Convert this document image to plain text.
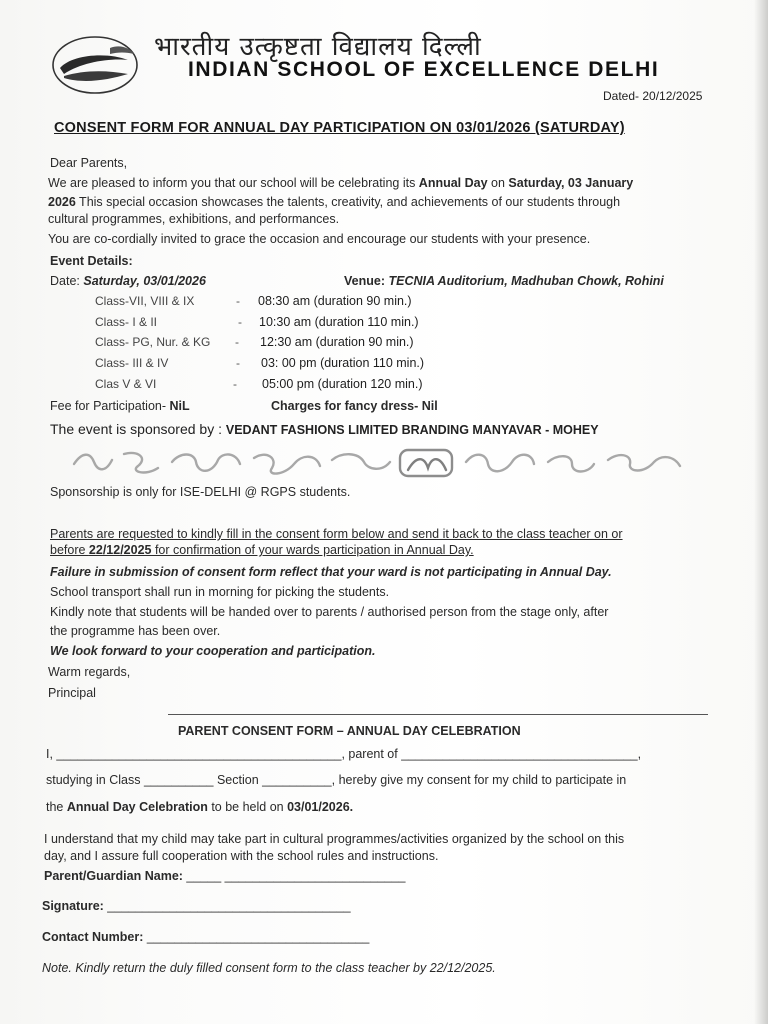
भारतीय उत्कृष्टता विद्यालय दिल्ली
INDIAN SCHOOL OF EXCELLENCE DELHI
Dated- 20/12/2025
CONSENT FORM FOR ANNUAL DAY PARTICIPATION ON 03/01/2026 (SATURDAY)
Dear Parents,
We are pleased to inform you that our school will be celebrating its Annual Day on Saturday, 03 January
2026 This special occasion showcases the talents, creativity, and achievements of our students through
cultural programmes, exhibitions, and performances.
You are co-cordially invited to grace the occasion and encourage our students with your presence.
Event Details:
Date: Saturday, 03/01/2026	Venue: TECNIA Auditorium, Madhuban Chowk, Rohini
Class-VII, VIII & IX	- 08:30 am (duration 90 min.)
Class- I & II	- 10:30 am (duration 110 min.)
Class- PG, Nur. & KG - 12:30 am (duration 90 min.)
Class- III & IV	- 03: 00 pm (duration 110 min.)
Clas V & VI	- 05:00 pm (duration 120 min.)
Fee for Participation- NiL	Charges for fancy dress- Nil
The event is sponsored by : VEDANT FASHIONS LIMITED BRANDING MANYAVAR - MOHEY
Sponsorship is only for ISE-DELHI @ RGPS students.
Parents are requested to kindly fill in the consent form below and send it back to the class teacher on or
before 22/12/2025 for confirmation of your wards participation in Annual Day.
Failure in submission of consent form reflect that your ward is not participating in Annual Day.
School transport shall run in morning for picking the students.
Kindly note that students will be handed over to parents / authorised person from the stage only, after
the programme has been over.
We look forward to your cooperation and participation.
Warm regards,
Principal
PARENT CONSENT FORM – ANNUAL DAY CELEBRATION
I, _________________________________________, parent of __________________________________,
studying in Class __________ Section __________, hereby give my consent for my child to participate in
the Annual Day Celebration to be held on 03/01/2026.
I understand that my child may take part in cultural programmes/activities organized by the school on this
day, and I assure full cooperation with the school rules and instructions.
Parent/Guardian Name: _____ __________________________
Signature: ___________________________________
Contact Number: ________________________________
Note. Kindly return the duly filled consent form to the class teacher by 22/12/2025.
